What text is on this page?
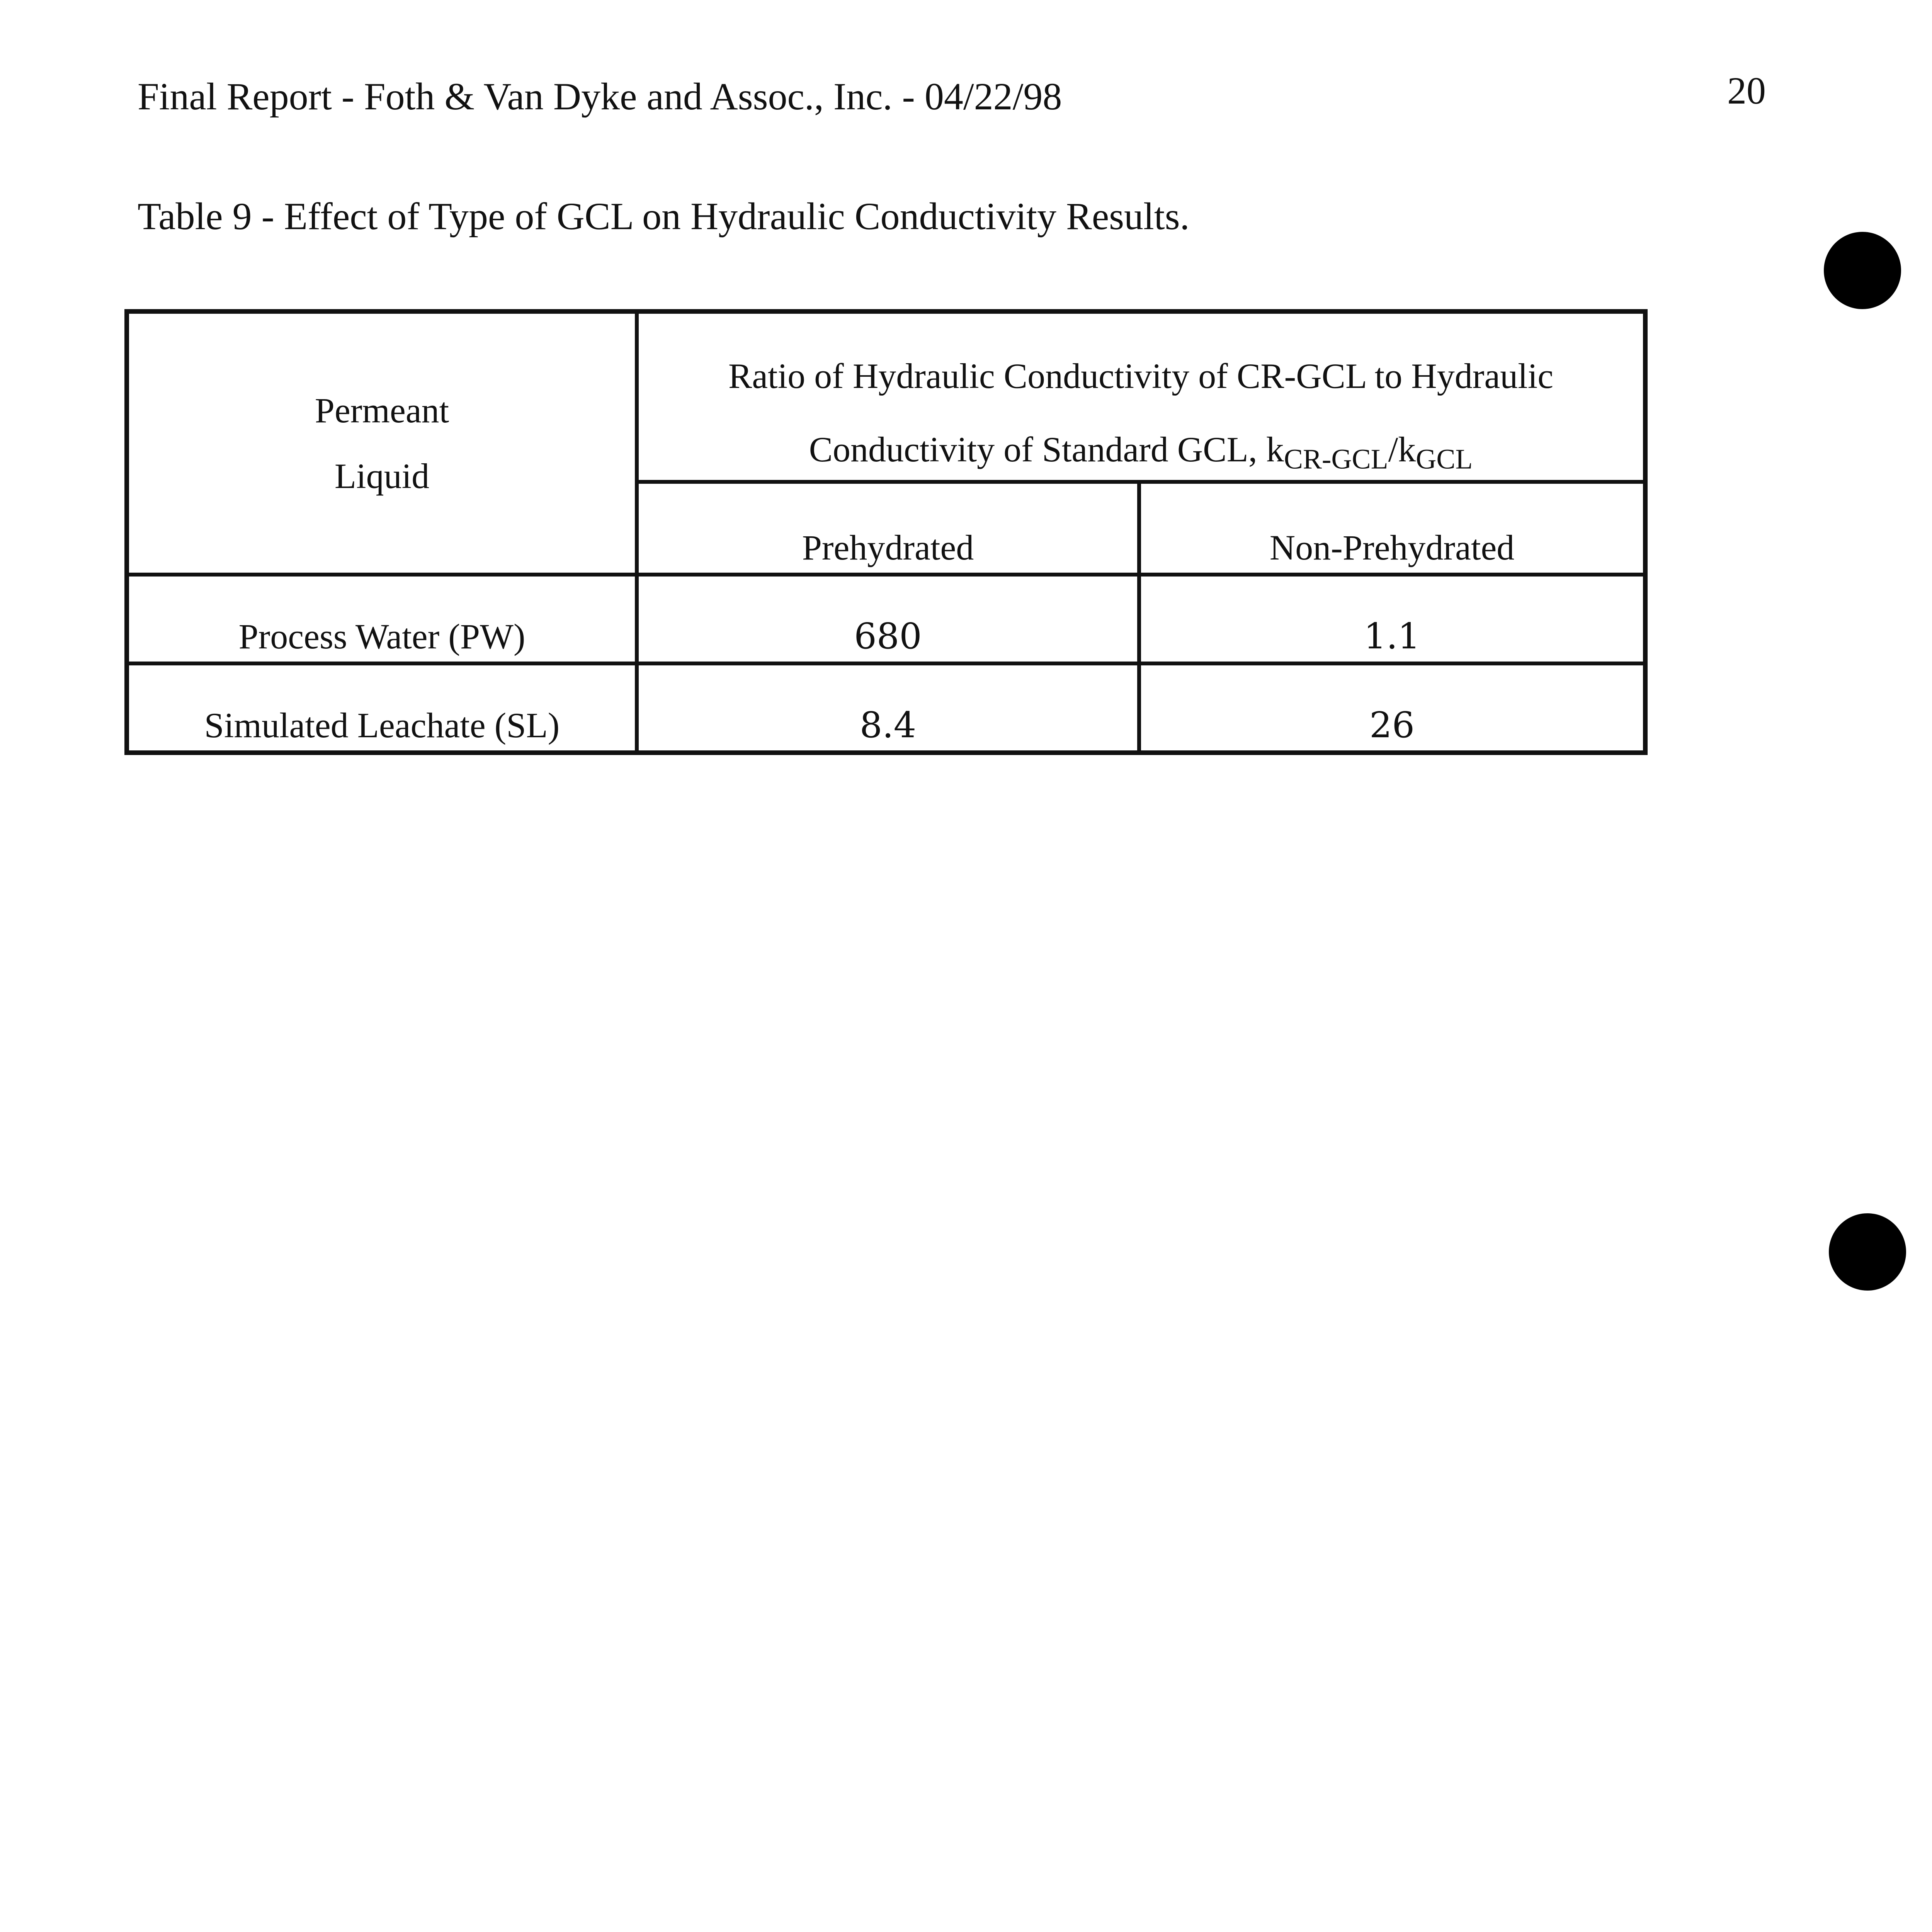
Final Report - Foth & Van Dyke and Assoc., Inc. - 04/22/98	20
Table 9 - Effect of Type of GCL on Hydraulic Conductivity Results.
Permeant
Liquid	Ratio of Hydraulic Conductivity of CR-GCL to Hydraulic
Conductivity of Standard GCL, $k_{CR-GCL}/k_{GCL}$

	Prehydrated	Non-Prehydrated
Process Water (PW)	680	1.1
Simulated Leachate (SL)	8.4	26
